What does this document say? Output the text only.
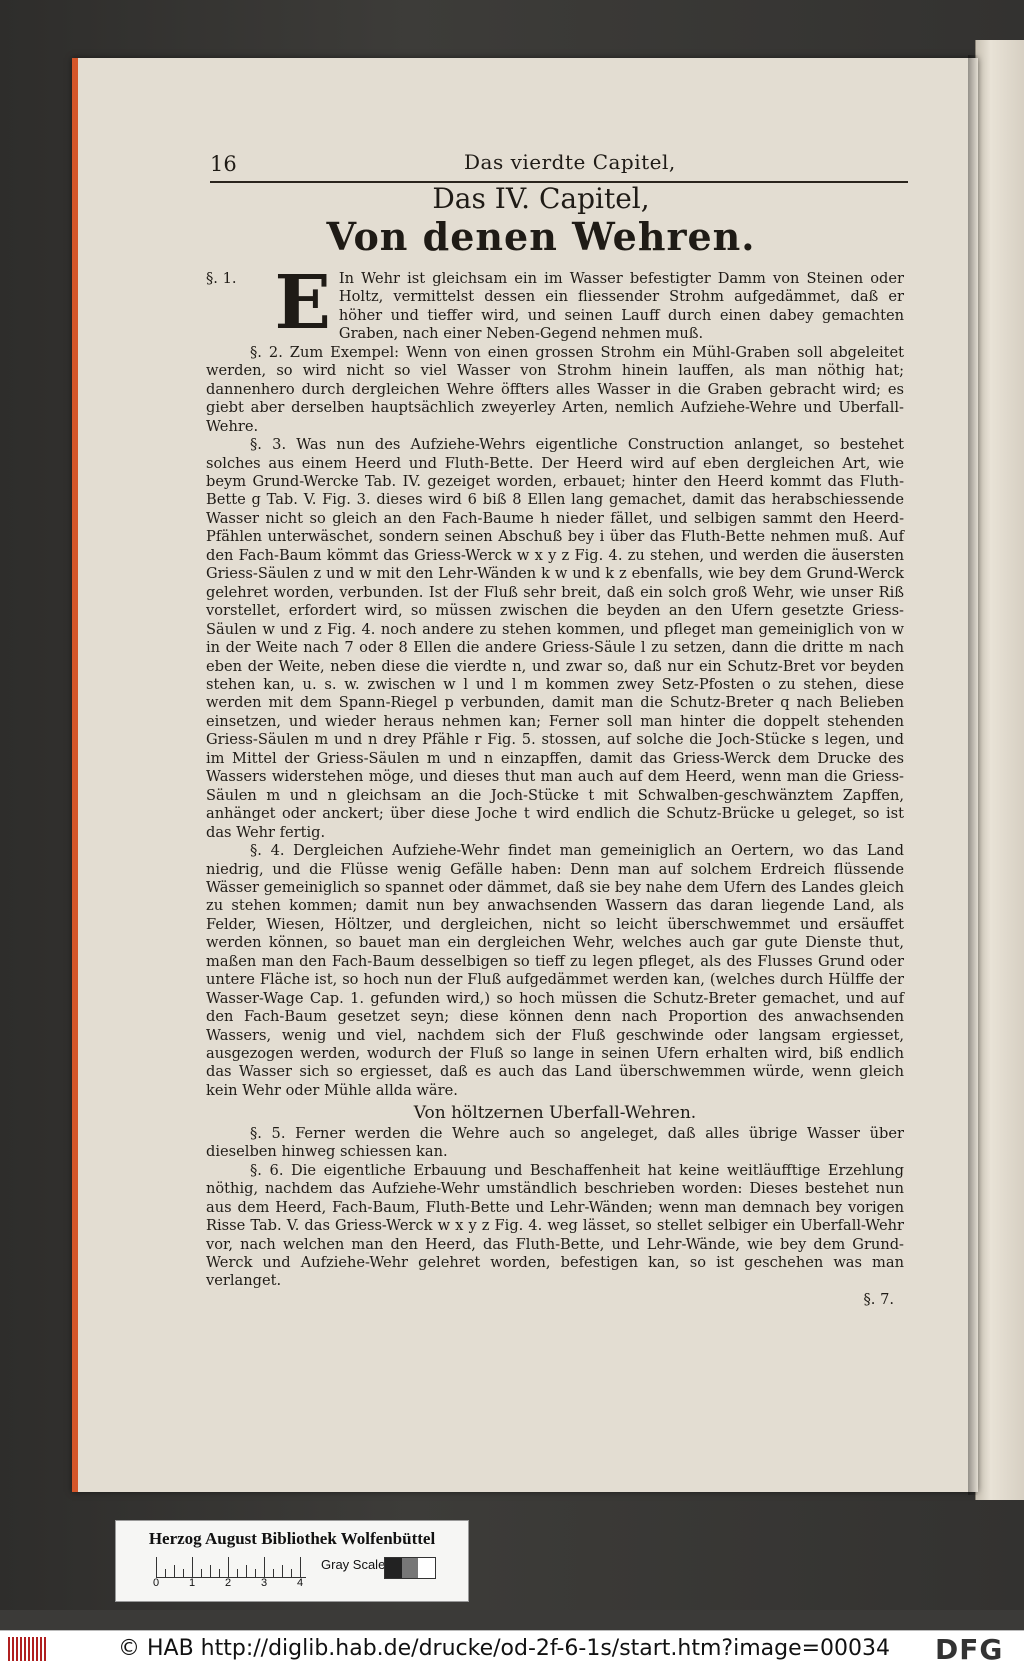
16	Das vierdte Capitel,
Das IV. Capitel,
Von denen Wehren.

§. 1. E In Wehr ist gleichsam ein im Wasser befestigter Damm von Steinen oder Holtz, vermittelst dessen ein fliessender Strohm aufgedämmet, daß er höher und tieffer wird, und seinen Lauff durch einen dabey gemachten Graben, nach einer Neben-Gegend nehmen muß.

§. 2. Zum Exempel: Wenn von einen grossen Strohm ein Mühl-Graben soll abgeleitet werden, so wird nicht so viel Wasser von Strohm hinein lauffen, als man nöthig hat; dannenhero durch dergleichen Wehre öffters alles Wasser in die Graben gebracht wird; es giebt aber derselben hauptsächlich zweyerley Arten, nemlich Aufziehe-Wehre und Uberfall-Wehre.

§. 3. Was nun des Aufziehe-Wehrs eigentliche Construction anlanget, so bestehet solches aus einem Heerd und Fluth-Bette. Der Heerd wird auf eben dergleichen Art, wie beym Grund-Wercke Tab. IV. gezeiget worden, erbauet; hinter den Heerd kommt das Fluth-Bette g Tab. V. Fig. 3. dieses wird 6 biß 8 Ellen lang gemachet, damit das herabschiessende Wasser nicht so gleich an den Fach-Baume h nieder fället, und selbigen sammt den Heerd-Pfählen unterwäschet, sondern seinen Abschuß bey i über das Fluth-Bette nehmen muß. Auf den Fach-Baum kömmt das Griess-Werck w x y z Fig. 4. zu stehen, und werden die äusersten Griess-Säulen z und w mit den Lehr-Wänden k w und k z ebenfalls, wie bey dem Grund-Werck gelehret worden, verbunden. Ist der Fluß sehr breit, daß ein solch groß Wehr, wie unser Riß vorstellet, erfordert wird, so müssen zwischen die beyden an den Ufern gesetzte Griess-Säulen w und z Fig. 4. noch andere zu stehen kommen, und pfleget man gemeiniglich von w in der Weite nach 7 oder 8 Ellen die andere Griess-Säule l zu setzen, dann die dritte m nach eben der Weite, neben diese die vierdte n, und zwar so, daß nur ein Schutz-Bret vor beyden stehen kan, u. s. w. zwischen w l und l m kommen zwey Setz-Pfosten o zu stehen, diese werden mit dem Spann-Riegel p verbunden, damit man die Schutz-Breter q nach Belieben einsetzen, und wieder heraus nehmen kan; Ferner soll man hinter die doppelt stehenden Griess-Säulen m und n drey Pfähle r Fig. 5. stossen, auf solche die Joch-Stücke s legen, und im Mittel der Griess-Säulen m und n einzapffen, damit das Griess-Werck dem Drucke des Wassers widerstehen möge, und dieses thut man auch auf dem Heerd, wenn man die Griess-Säulen m und n gleichsam an die Joch-Stücke t mit Schwalben-geschwänztem Zapffen, anhänget oder anckert; über diese Joche t wird endlich die Schutz-Brücke u geleget, so ist das Wehr fertig.

§. 4. Dergleichen Aufziehe-Wehr findet man gemeiniglich an Oertern, wo das Land niedrig, und die Flüsse wenig Gefälle haben: Denn man auf solchem Erdreich flüssende Wässer gemeiniglich so spannet oder dämmet, daß sie bey nahe dem Ufern des Landes gleich zu stehen kommen; damit nun bey anwachsenden Wassern das daran liegende Land, als Felder, Wiesen, Höltzer, und dergleichen, nicht so leicht überschwemmet und ersäuffet werden können, so bauet man ein dergleichen Wehr, welches auch gar gute Dienste thut, maßen man den Fach-Baum desselbigen so tieff zu legen pfleget, als des Flusses Grund oder untere Fläche ist, so hoch nun der Fluß aufgedämmet werden kan, (welches durch Hülffe der Wasser-Wage Cap. 1. gefunden wird,) so hoch müssen die Schutz-Breter gemachet, und auf den Fach-Baum gesetzet seyn; diese können denn nach Proportion des anwachsenden Wassers, wenig und viel, nachdem sich der Fluß geschwinde oder langsam ergiesset, ausgezogen werden, wodurch der Fluß so lange in seinen Ufern erhalten wird, biß endlich das Wasser sich so ergiesset, daß es auch das Land überschwemmen würde, wenn gleich kein Wehr oder Mühle allda wäre.

Von höltzernen Uberfall-Wehren.

§. 5. Ferner werden die Wehre auch so angeleget, daß alles übrige Wasser über dieselben hinweg schiessen kan.

§. 6. Die eigentliche Erbauung und Beschaffenheit hat keine weitläufftige Erzehlung nöthig, nachdem das Aufziehe-Wehr umständlich beschrieben worden: Dieses bestehet nun aus dem Heerd, Fach-Baum, Fluth-Bette und Lehr-Wänden; wenn man demnach bey vorigen Risse Tab. V. das Griess-Werck w x y z Fig. 4. weg lässet, so stellet selbiger ein Uberfall-Wehr vor, nach welchen man den Heerd, das Fluth-Bette, und Lehr-Wände, wie bey dem Grund-Werck und Aufziehe-Wehr gelehret worden, befestigen kan, so ist geschehen was man verlanget.

§. 7.
Herzog August Bibliothek Wolfenbüttel
0	1	2	3	4
Gray Scale
© HAB http://diglib.hab.de/drucke/od-2f-6-1s/start.htm?image=00034 DFG
